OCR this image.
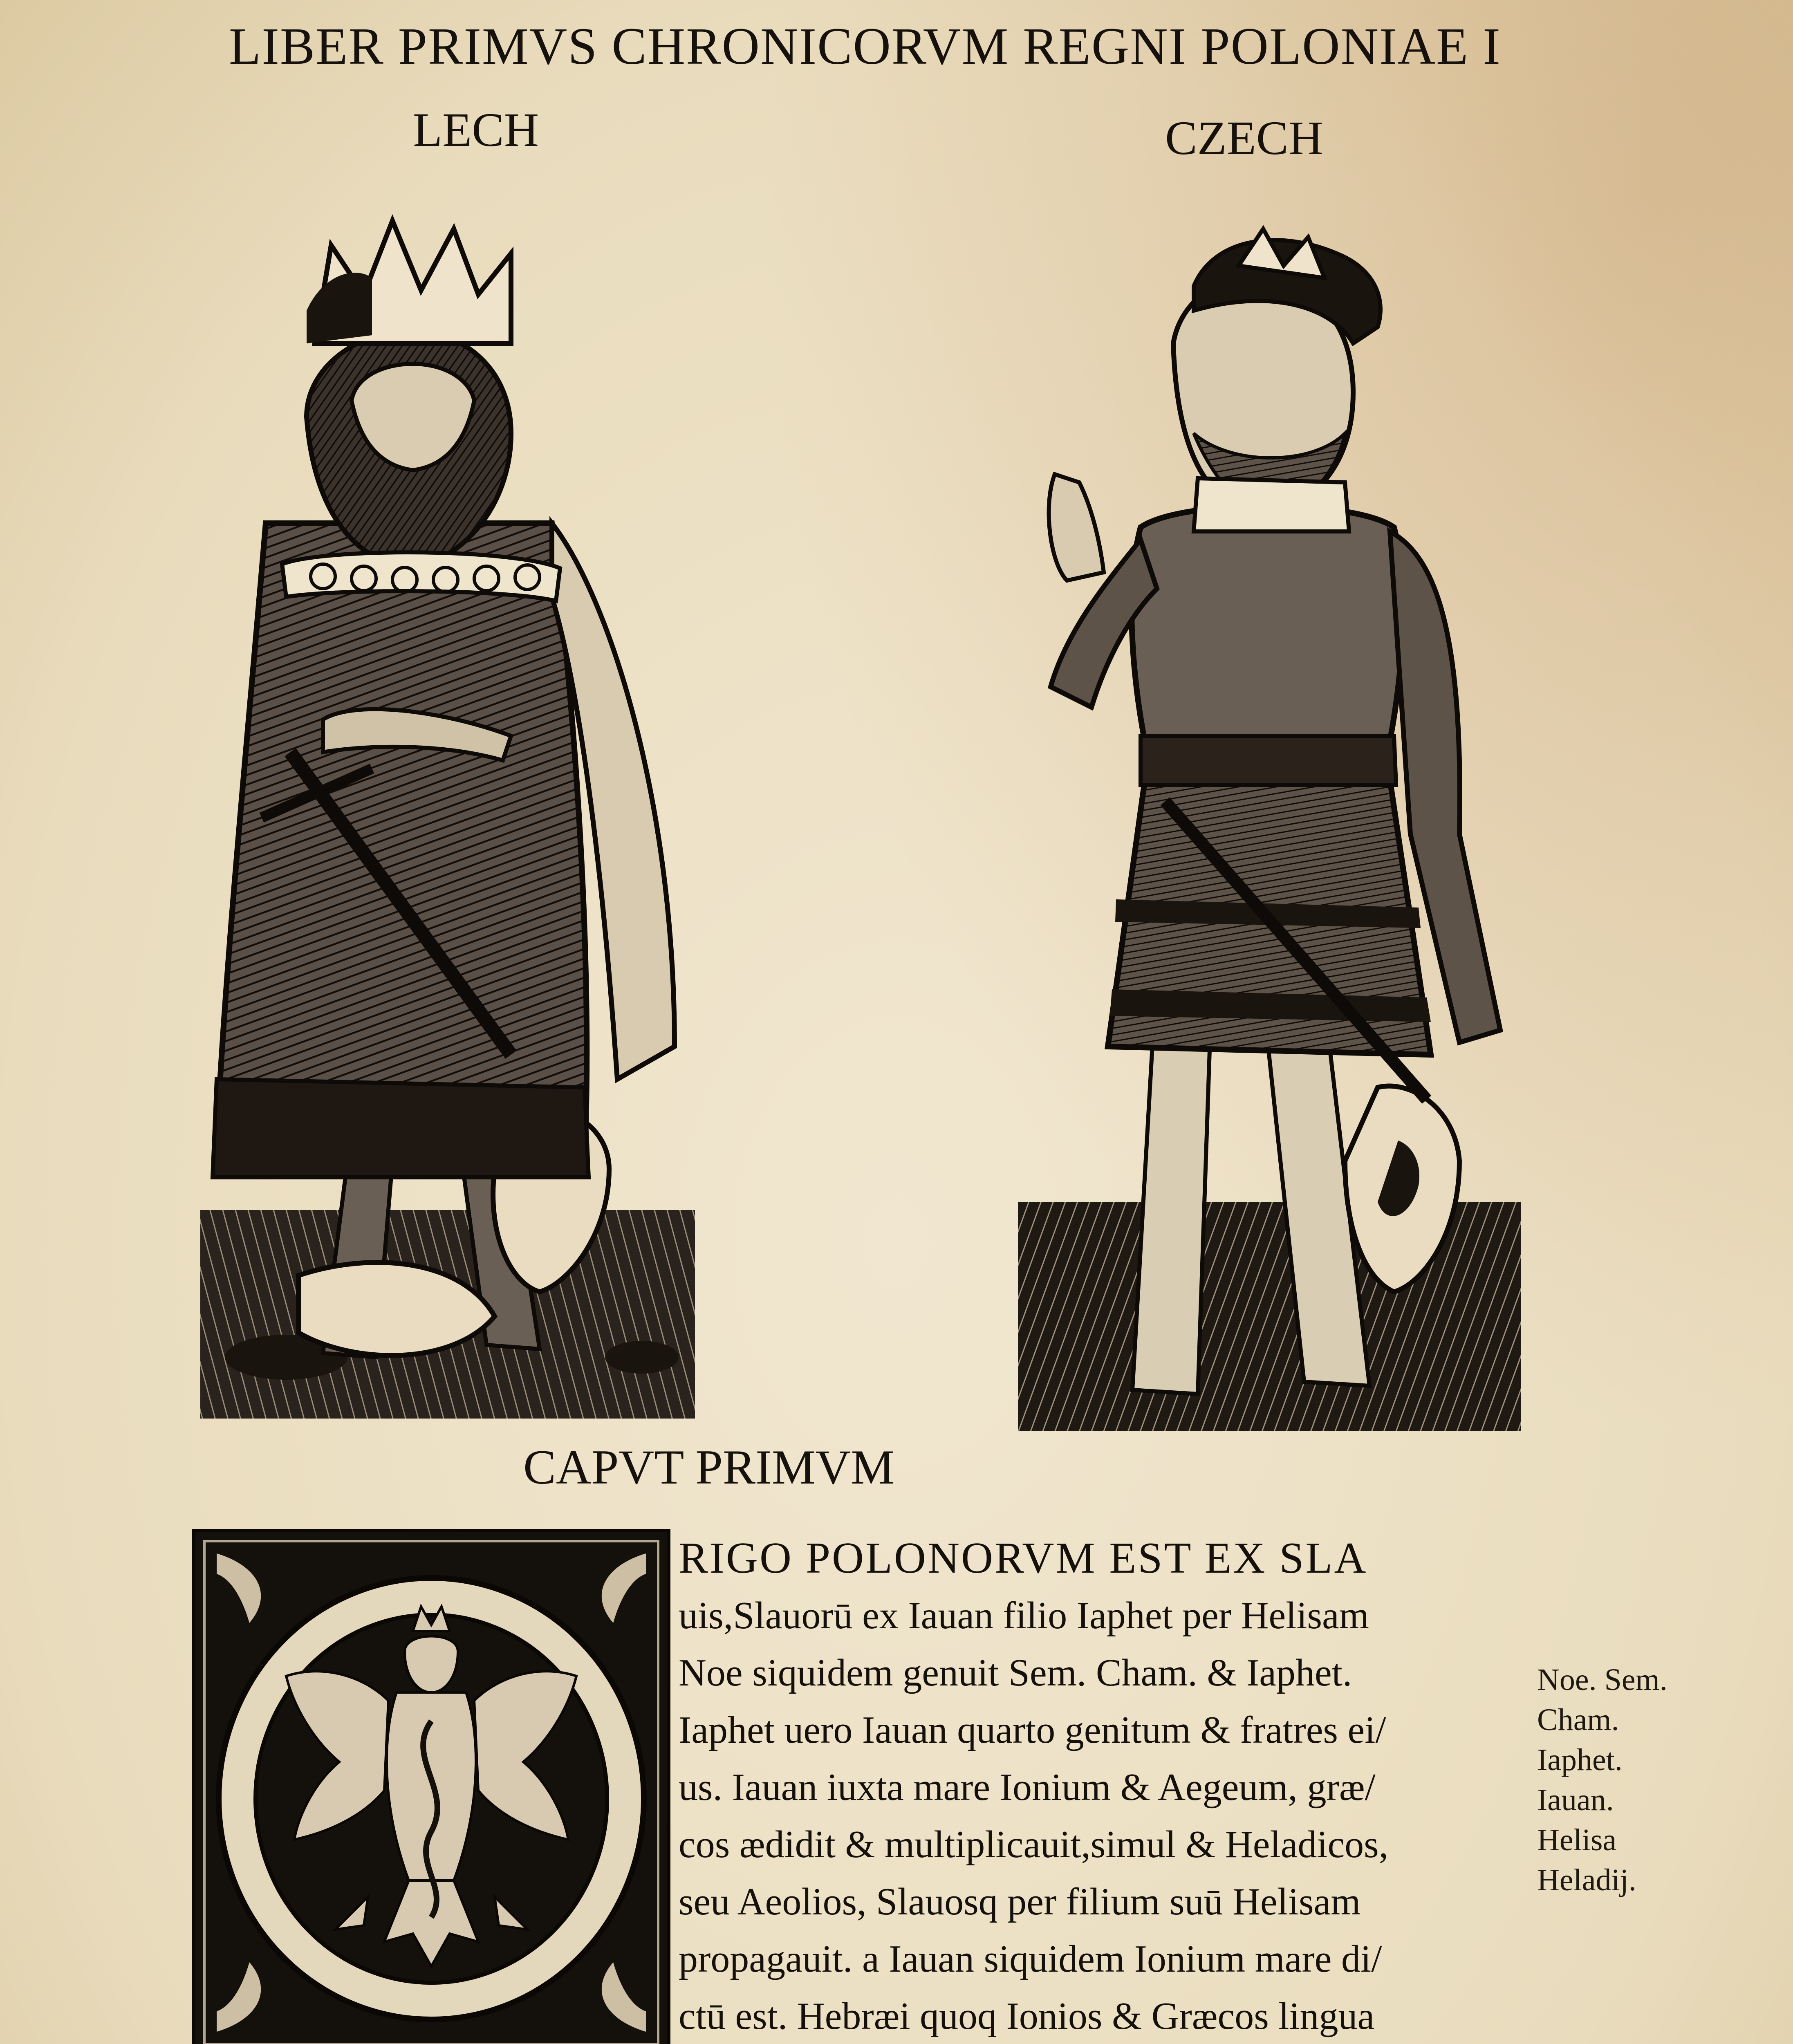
LIBER PRIMVS CHRONICORVM REGNI POLONIAE I
LECH	CZECH
CAPVT PRIMVM
RIGO POLONORVM EST EX SLA
uis,Slauorū ex Iauan filio Iaphet per Helisam
Noe siquidem genuit Sem. Cham. & Iaphet.
Iaphet uero Iauan quarto genitum & fratres ei/
us. Iauan iuxta mare Ionium & Aegeum, græ/
cos ædidit & multiplicauit,simul & Heladicos,
seu Aeolios, Slauosq per filium suū Helisam
propagauit. a Iauan siquidem Ionium mare di/
ctū est. Hebræi quoq Ionios & Græcos lingua
Noe. Sem.
Cham.
Iaphet.
Iauan.
Helisa
Heladij.
